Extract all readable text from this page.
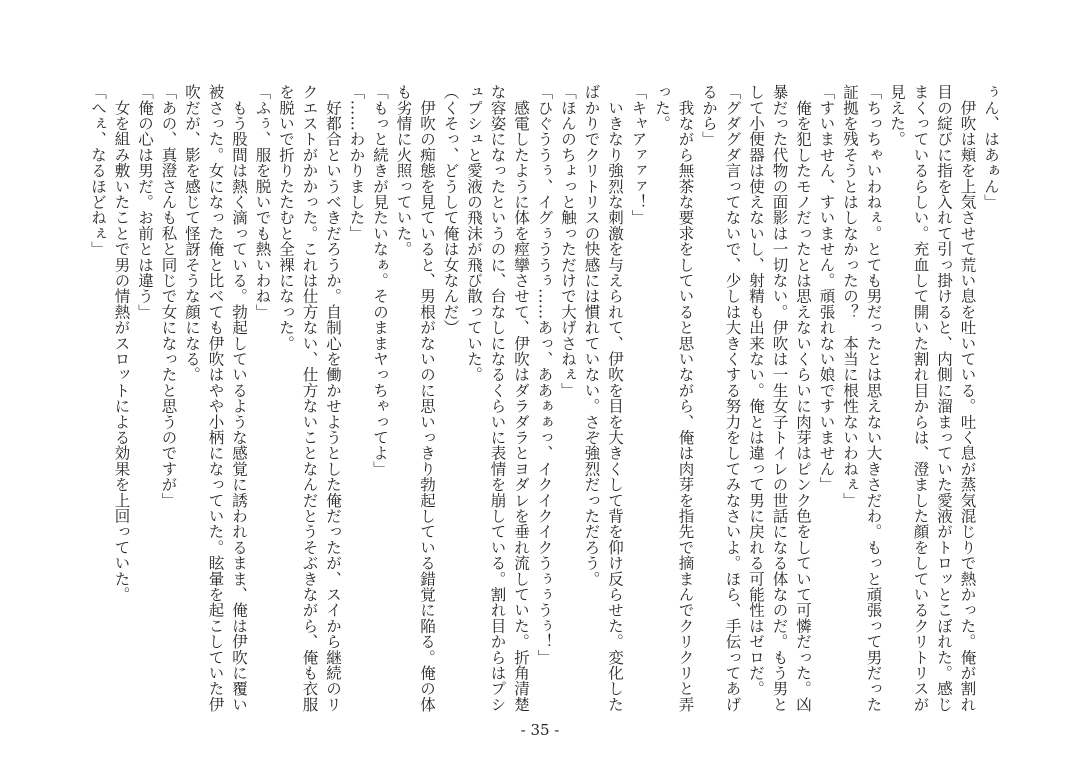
ぅん、はあぁん」
　伊吹は頬を上気させて荒い息を吐いている。吐く息が蒸気混じりで熱かった。俺が割れ
目の綻びに指を入れて引っ掛けると、内側に溜まっていた愛液がトロッとこぼれた。感じ
まくっているらしい。充血して開いた割れ目からは、澄ました顔をしているクリトリスが
見えた。
「ちっちゃいわねぇ。とても男だったとは思えない大きさだわ。もっと頑張って男だった
証拠を残そうとはしなかったの？　本当に根性ないわねぇ」
「すいません、すいません。頑張れない娘ですいません」
　俺を犯したモノだったとは思えないくらいに肉芽はピンク色をしていて可憐だった。凶
暴だった代物の面影は一切ない。伊吹は一生女子トイレの世話になる体なのだ。もう男と
して小便器は使えないし、射精も出来ない。俺とは違って男に戻れる可能性はゼロだ。
「グダグダ言ってないで、少しは大きくする努力をしてみなさいよ。ほら、手伝ってあげ
るから」
　我ながら無茶な要求をしていると思いながら、俺は肉芽を指先で摘まんでクリクリと弄
った。
「キャアァァァ！」
　いきなり強烈な刺激を与えられて、伊吹を目を大きくして背を仰け反らせた。変化した
ばかりでクリトリスの快感には慣れていない。さぞ強烈だっただろう。
「ほんのちょっと触っただけで大げさねぇ」
「ひぐううぅ、イグぅううぅ……あっ、ああぁぁっ、イクイクイクうぅぅうぅ！」
　感電したように体を痙攣させて、伊吹はダラダラとヨダレを垂れ流していた。折角清楚
な容姿になったというのに、台なしになるくらいに表情を崩している。割れ目からはプシ
ュプシュと愛液の飛沫が飛び散っていた。
（くそっ、どうして俺は女なんだ）
　伊吹の痴態を見ていると、男根がないのに思いっきり勃起している錯覚に陥る。俺の体
も劣情に火照っていた。
「もっと続きが見たいなぁ。そのままヤっちゃってよ」
「……わかりました」
　好都合というべきだろうか。自制心を働かせようとした俺だったが、スイから継続のリ
クエストがかかった。これは仕方ない、仕方ないことなんだとうそぶきながら、俺も衣服
を脱いで折りたたむと全裸になった。
「ふぅ、服を脱いでも熱いわね」
　もう股間は熱く滴っている。勃起しているような感覚に誘われるまま、俺は伊吹に覆い
被さった。女になった俺と比べても伊吹はやや小柄になっていた。眩暈を起こしていた伊
吹だが、影を感じて怪訝そうな顔になる。
「あの、真澄さんも私と同じで女になったと思うのですが」
「俺の心は男だ。お前とは違う」
　女を組み敷いたことで男の情熱がスロットによる効果を上回っていた。
「へぇ、なるほどねぇ」
- 35 -
